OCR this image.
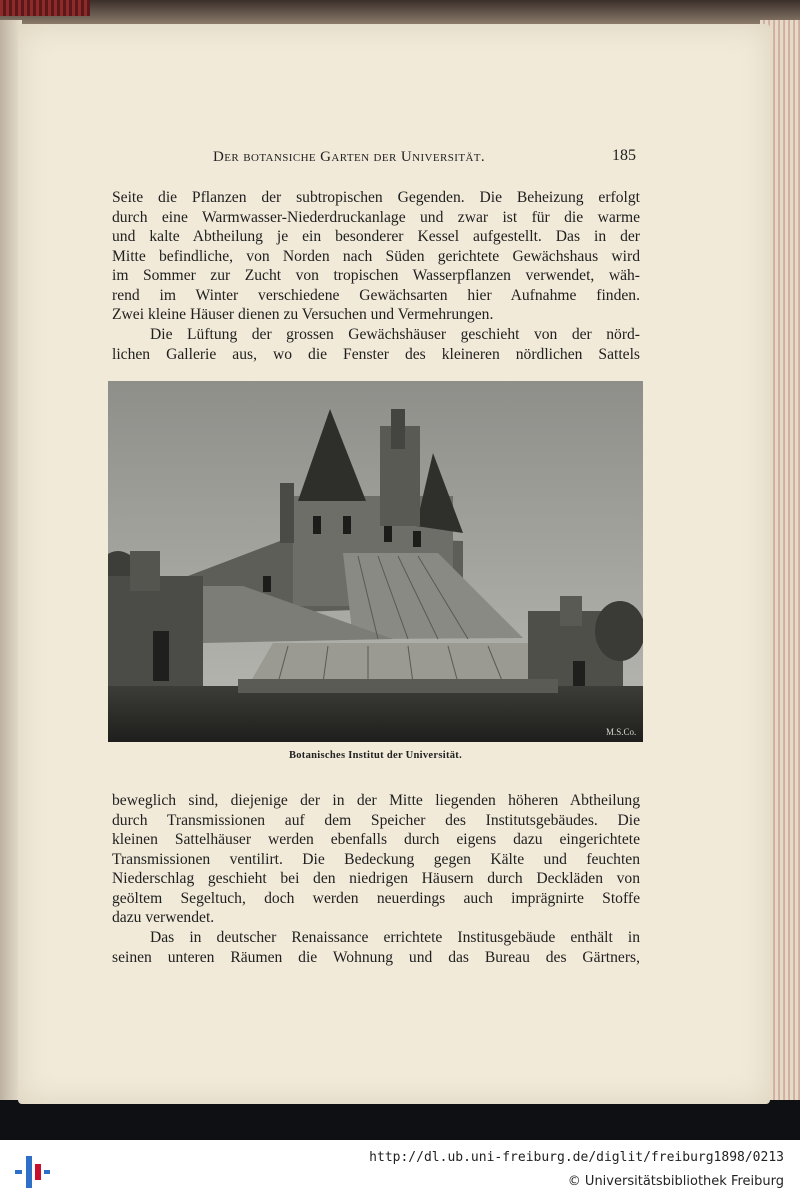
Der botansiche Garten der Universität.	185
Seite die Pflanzen der subtropischen Gegenden. Die Beheizung erfolgt
durch eine Warmwasser-Niederdruckanlage und zwar ist für die warme
und kalte Abtheilung je ein besonderer Kessel aufgestellt. Das in der
Mitte befindliche, von Norden nach Süden gerichtete Gewächshaus wird
im Sommer zur Zucht von tropischen Wasserpflanzen verwendet, wäh-
rend im Winter verschiedene Gewächsarten hier Aufnahme finden.
Zwei kleine Häuser dienen zu Versuchen und Vermehrungen.
Die Lüftung der grossen Gewächshäuser geschieht von der nörd-
lichen Gallerie aus, wo die Fenster des kleineren nördlichen Sattels
M.S.Co.
Botanisches Institut der Universität.
beweglich sind, diejenige der in der Mitte liegenden höheren Abtheilung
durch Transmissionen auf dem Speicher des Institutsgebäudes. Die
kleinen Sattelhäuser werden ebenfalls durch eigens dazu eingerichtete
Transmissionen ventilirt. Die Bedeckung gegen Kälte und feuchten
Niederschlag geschieht bei den niedrigen Häusern durch Deckläden von
geöltem Segeltuch, doch werden neuerdings auch imprägnirte Stoffe
dazu verwendet.
Das in deutscher Renaissance errichtete Institusgebäude enthält in
seinen unteren Räumen die Wohnung und das Bureau des Gärtners,
http://dl.ub.uni-freiburg.de/diglit/freiburg1898/0213
© Universitätsbibliothek Freiburg
